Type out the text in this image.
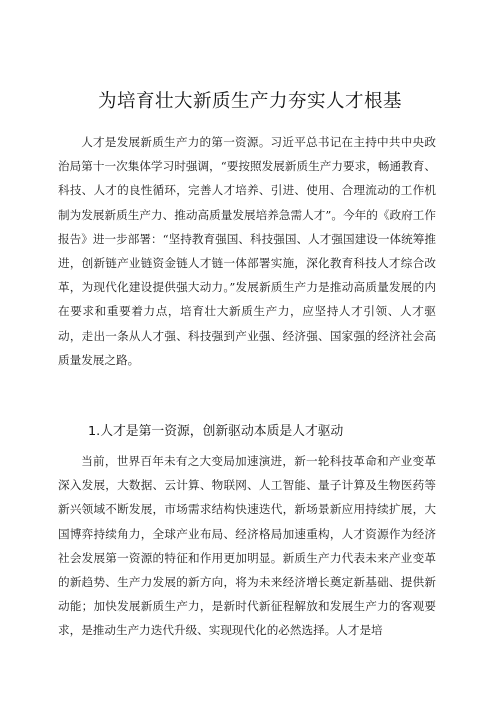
为培育壮大新质生产力夯实人才根基

人才是发展新质生产力的第一资源。习近平总书记在主持中共中央政治局第十一次集体学习时强调，“要按照发展新质生产力要求，畅通教育、科技、人才的良性循环，完善人才培养、引进、使用、合理流动的工作机制为发展新质生产力、推动高质量发展培养急需人才”。今年的《政府工作报告》进一步部署：“坚持教育强国、科技强国、人才强国建设一体统筹推进，创新链产业链资金链人才链一体部署实施，深化教育科技人才综合改革，为现代化建设提供强大动力。”发展新质生产力是推动高质量发展的内在要求和重要着力点，培育壮大新质生产力，应坚持人才引领、人才驱动，走出一条从人才强、科技强到产业强、经济强、国家强的经济社会高质量发展之路。

1.人才是第一资源，创新驱动本质是人才驱动

当前，世界百年未有之大变局加速演进，新一轮科技革命和产业变革深入发展，大数据、云计算、物联网、人工智能、量子计算及生物医药等新兴领域不断发展，市场需求结构快速迭代，新场景新应用持续扩展，大国博弈持续角力，全球产业布局、经济格局加速重构，人才资源作为经济社会发展第一资源的特征和作用更加明显。新质生产力代表未来产业变革的新趋势、生产力发展的新方向，将为未来经济增长奠定新基础、提供新动能；加快发展新质生产力，是新时代新征程解放和发展生产力的客观要求，是推动生产力迭代升级、实现现代化的必然选择。人才是培
